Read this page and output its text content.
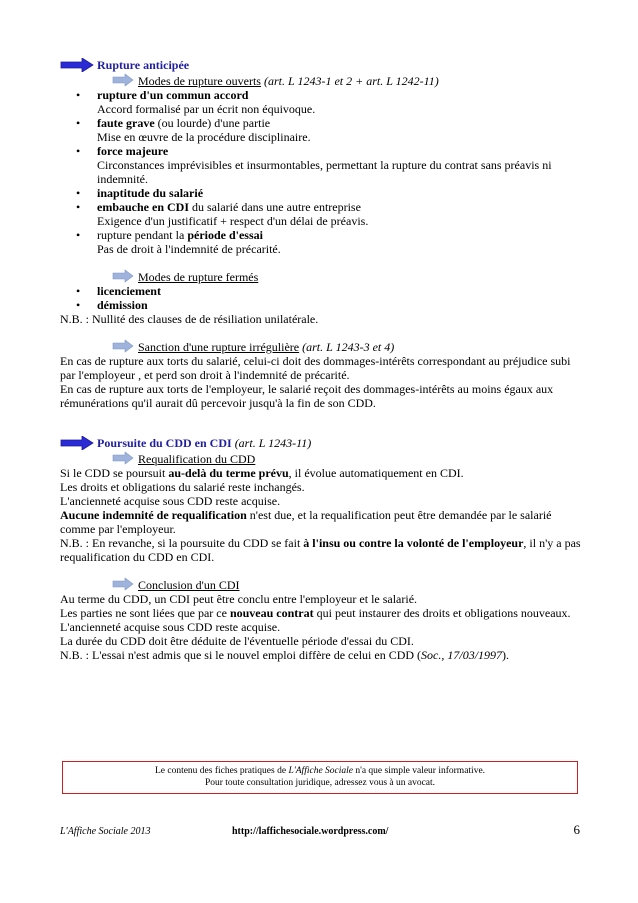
Rupture anticipée
Modes de rupture ouverts (art. L 1243-1 et 2 + art. L 1242-11)
• rupture d'un commun accord
Accord formalisé par un écrit non équivoque.
• faute grave (ou lourde) d'une partie
Mise en œuvre de la procédure disciplinaire.
• force majeure
Circonstances imprévisibles et insurmontables, permettant la rupture du contrat sans préavis ni
indemnité.
• inaptitude du salarié
• embauche en CDI du salarié dans une autre entreprise
Exigence d'un justificatif + respect d'un délai de préavis.
• rupture pendant la période d'essai
Pas de droit à l'indemnité de précarité.
Modes de rupture fermés
• licenciement
• démission
N.B. : Nullité des clauses de de résiliation unilatérale.
Sanction d'une rupture irrégulière (art. L 1243-3 et 4)
En cas de rupture aux torts du salarié, celui-ci doit des dommages-intérêts correspondant au préjudice subi
par l'employeur , et perd son droit à l'indemnité de précarité.
En cas de rupture aux torts de l'employeur, le salarié reçoit des dommages-intérêts au moins égaux aux
rémunérations qu'il aurait dû percevoir jusqu'à la fin de son CDD.
Poursuite du CDD en CDI (art. L 1243-11)
Requalification du CDD
Si le CDD se poursuit au-delà du terme prévu, il évolue automatiquement en CDI.
Les droits et obligations du salarié reste inchangés.
L'ancienneté acquise sous CDD reste acquise.
Aucune indemnité de requalification n'est due, et la requalification peut être demandée par le salarié
comme par l'employeur.
N.B. : En revanche, si la poursuite du CDD se fait à l'insu ou contre la volonté de l'employeur, il n'y a pas
requalification du CDD en CDI.
Conclusion d'un CDI
Au terme du CDD, un CDI peut être conclu entre l'employeur et le salarié.
Les parties ne sont liées que par ce nouveau contrat qui peut instaurer des droits et obligations nouveaux.
L'ancienneté acquise sous CDD reste acquise.
La durée du CDD doit être déduite de l'éventuelle période d'essai du CDI.
N.B. : L'essai n'est admis que si le nouvel emploi diffère de celui en CDD (Soc., 17/03/1997).
Le contenu des fiches pratiques de L'Affiche Sociale n'a que simple valeur informative.
Pour toute consultation juridique, adressez vous à un avocat.
L'Affiche Sociale 2013	http://laffichesociale.wordpress.com/	6
